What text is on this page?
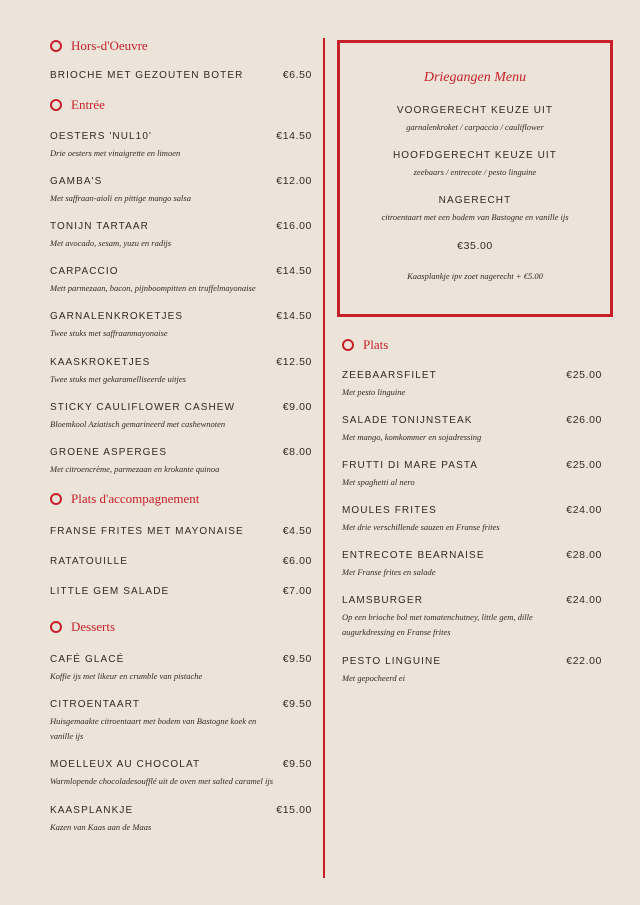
Hors-d'Oeuvre
BRIOCHE MET GEZOUTEN BOTER	€6.50
Entrée
OESTERS 'NUL10'	€14.50
Drie oesters met vinaigrette en limoen
GAMBA'S	€12.00
Met saffraan-aioli en pittige mango salsa
TONIJN TARTAAR	€16.00
Met avocado, sesam, yuzu en radijs
CARPACCIO	€14.50
Mett parmezaan, bacon, pijnboompitten en truffelmayonaise
GARNALENKROKETJES	€14.50
Twee stuks met saffraanmayonaise
KAASKROKETJES	€12.50
Twee stuks met gekaramelliseerde uitjes
STICKY CAULIFLOWER CASHEW	€9.00
Bloemkool Aziatisch gemarineerd met cashewnoten
GROENE ASPERGES	€8.00
Met citroencrème, parmezaan en krokante quinoa
Plats d'accompagnement
FRANSE FRITES MET MAYONAISE	€4.50
RATATOUILLE	€6.00
LITTLE GEM SALADE	€7.00
Desserts
CAFÉ GLACÉ	€9.50
Koffie ijs met likeur en crumble van pistache
CITROENTAART	€9.50
Huisgemaakte citroentaart met bodem van Bastogne koek en vanille ijs
MOELLEUX AU CHOCOLAT	€9.50
Warmlopende chocoladesoufflé uit de oven met salted caramel ijs
KAASPLANKJE	€15.00
Kazen van Kaas aan de Maas
Driegangen Menu
VOORGERECHT KEUZE UIT
garnalenkroket / carpaccio / cauliflower
HOOFDGERECHT KEUZE UIT
zeebaars / entrecote / pesto linguine
NAGERECHT
citroentaart met een bodem van Bastogne en vanille ijs
€35.00
Kaasplankje ipv zoet nagerecht + €5.00
Plats
ZEEBAARSFILET	€25.00
Met pesto linguine
SALADE TONIJNSTEAK	€26.00
Met mango, komkommer en sojadressing
FRUTTI DI MARE PASTA	€25.00
Met spaghetti al nero
MOULES FRITES	€24.00
Met drie verschillende sauzen en Franse frites
ENTRECOTE BEARNAISE	€28.00
Met Franse frites en salade
LAMSBURGER	€24.00
Op een brioche bol met tomatenchutney, little gem, dille augurkdressing en Franse frites
PESTO LINGUINE	€22.00
Met gepocheerd ei
